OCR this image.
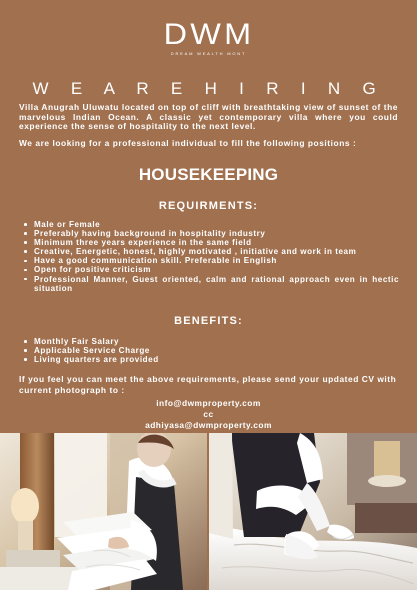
DWM
DREAM WEALTH MONT
W E A R E H I R I N G
Villa Anugrah Uluwatu located on top of cliff with breathtaking view of sunset of the marvelous Indian Ocean. A classic yet contemporary villa where you could experience the sense of hospitality to the next level.
We are looking for a professional individual to fill the following positions :
HOUSEKEEPING
REQUIRMENTS:
Male or Female
Preferably having background in hospitality industry
Minimum three years experience in the same field
Creative, Energetic, honest, highly motivated , initiative and work in team
Have a good communication skill. Preferable in English
Open for positive criticism
Professional Manner, Guest oriented, calm and rational approach even in hectic situation
BENEFITS:
Monthly Fair Salary
Applicable Service Charge
Living quarters are provided
If you feel you can meet the above requirements, please send your updated CV with current photograph to :
info@dwmproperty.com
cc
adhiyasa@dwmproperty.com
